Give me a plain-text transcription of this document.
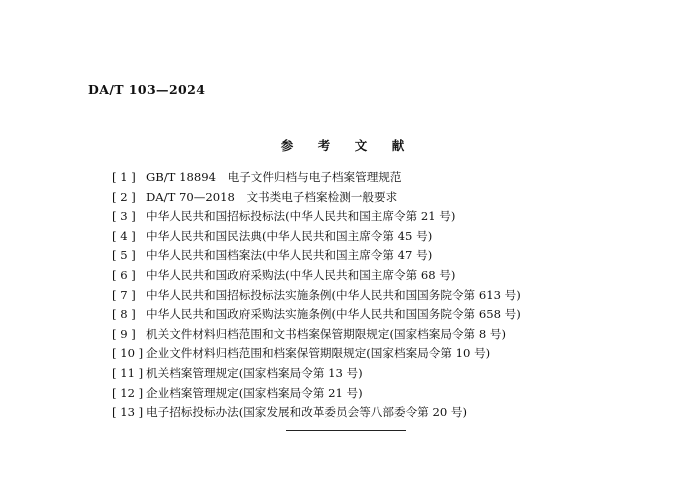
DA/T 103—2024
参　考　文　献
[ 1 ] GB/T 18894　电子文件归档与电子档案管理规范
[ 2 ] DA/T 70—2018　文书类电子档案检测一般要求
[ 3 ] 中华人民共和国招标投标法(中华人民共和国主席令第 21 号)
[ 4 ] 中华人民共和国民法典(中华人民共和国主席令第 45 号)
[ 5 ] 中华人民共和国档案法(中华人民共和国主席令第 47 号)
[ 6 ] 中华人民共和国政府采购法(中华人民共和国主席令第 68 号)
[ 7 ] 中华人民共和国招标投标法实施条例(中华人民共和国国务院令第 613 号)
[ 8 ] 中华人民共和国政府采购法实施条例(中华人民共和国国务院令第 658 号)
[ 9 ] 机关文件材料归档范围和文书档案保管期限规定(国家档案局令第 8 号)
[ 10 ] 企业文件材料归档范围和档案保管期限规定(国家档案局令第 10 号)
[ 11 ] 机关档案管理规定(国家档案局令第 13 号)
[ 12 ] 企业档案管理规定(国家档案局令第 21 号)
[ 13 ] 电子招标投标办法(国家发展和改革委员会等八部委令第 20 号)
